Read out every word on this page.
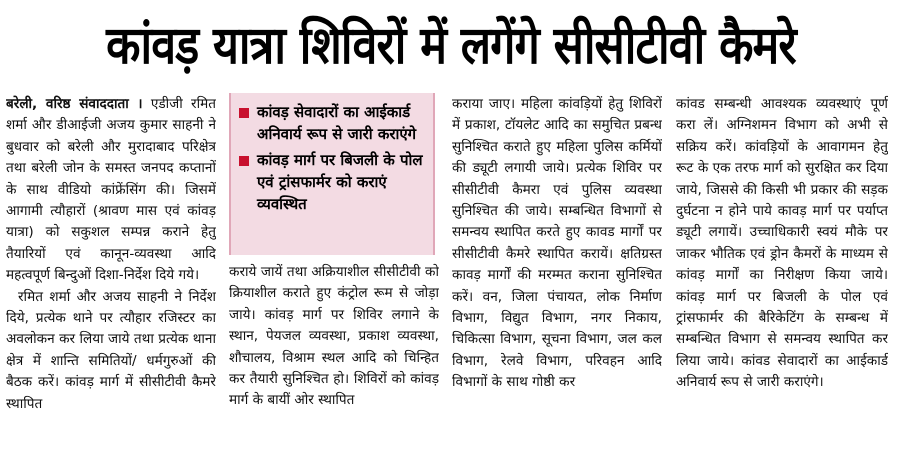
कांवड़ यात्रा शिविरों में लगेंगे सीसीटीवी कैमरे

बरेली, वरिष्ठ संवाददाता । एडीजी रमित शर्मा और डीआईजी अजय कुमार साहनी ने बुधवार को बरेली और मुरादाबाद परिक्षेत्र तथा बरेली जोन के समस्त जनपद कप्तानों के साथ वीडियो कांफ्रेंसिंग की। जिसमें आगामी त्यौहारों (श्रावण मास एवं कांवड़ यात्रा) को सकुशल सम्पन्न कराने हेतु तैयारियों एवं कानून-व्यवस्था आदि महत्वपूर्ण बिन्दुओं दिशा-निर्देश दिये गये।

रमित शर्मा और अजय साहनी ने निर्देश दिये, प्रत्येक थाने पर त्यौहार रजिस्टर का अवलोकन कर लिया जाये तथा प्रत्येक थाना क्षेत्र में शान्ति समितियों/ धर्मगुरुओं की बैठक करें। कांवड़ मार्ग में सीसीटीवी कैमरे स्थापित

कांवड़ सेवादारों का आईकार्ड अनिवार्य रूप से जारी कराएंगे
कांवड़ मार्ग पर बिजली के पोल एवं ट्रांसफार्मर को कराएं व्यवस्थित

कराये जायें तथा अक्रियाशील सीसीटीवी को क्रियाशील कराते हुए कंट्रोल रूम से जोड़ा जाये। कांवड़ मार्ग पर शिविर लगाने के स्थान, पेयजल व्यवस्था, प्रकाश व्यवस्था, शौचालय, विश्राम स्थल आदि को चिन्हित कर तैयारी सुनिश्चित हो। शिविरों को कांवड़ मार्ग के बायीं ओर स्थापित

कराया जाए। महिला कांवड़ियों हेतु शिविरों में प्रकाश, टॉयलेट आदि का समुचित प्रबन्ध सुनिश्चित कराते हुए महिला पुलिस कर्मियों की ड्यूटी लगायी जाये। प्रत्येक शिविर पर सीसीटीवी कैमरा एवं पुलिस व्यवस्था सुनिश्चित की जाये। सम्बन्धित विभागों से समन्वय स्थापित करते हुए कावड मार्गों पर सीसीटीवी कैमरे स्थापित करायें। क्षतिग्रस्त कावड़ मार्गों की मरम्मत कराना सुनिश्चित करें। वन, जिला पंचायत, लोक निर्माण विभाग, विद्युत विभाग, नगर निकाय, चिकित्सा विभाग, सूचना विभाग, जल कल विभाग, रेलवे विभाग, परिवहन आदि विभागों के साथ गोष्ठी कर

कांवड सम्बन्धी आवश्यक व्यवस्थाएं पूर्ण करा लें। अग्निशमन विभाग को अभी से सक्रिय करें। कांवड़ियों के आवागमन हेतु रूट के एक तरफ मार्ग को सुरक्षित कर दिया जाये, जिससे की किसी भी प्रकार की सड़क दुर्घटना न होने पाये कावड़ मार्ग पर पर्याप्त ड्यूटी लगायें। उच्चाधिकारी स्वयं मौके पर जाकर भौतिक एवं ड्रोन कैमरों के माध्यम से कांवड़ मार्गों का निरीक्षण किया जाये। कांवड़ मार्ग पर बिजली के पोल एवं ट्रांसफार्मर की बैरिकेटिंग के सम्बन्ध में सम्बन्धित विभाग से समन्वय स्थापित कर लिया जाये। कांवड सेवादारों का आईकार्ड अनिवार्य रूप से जारी कराएंगे।
